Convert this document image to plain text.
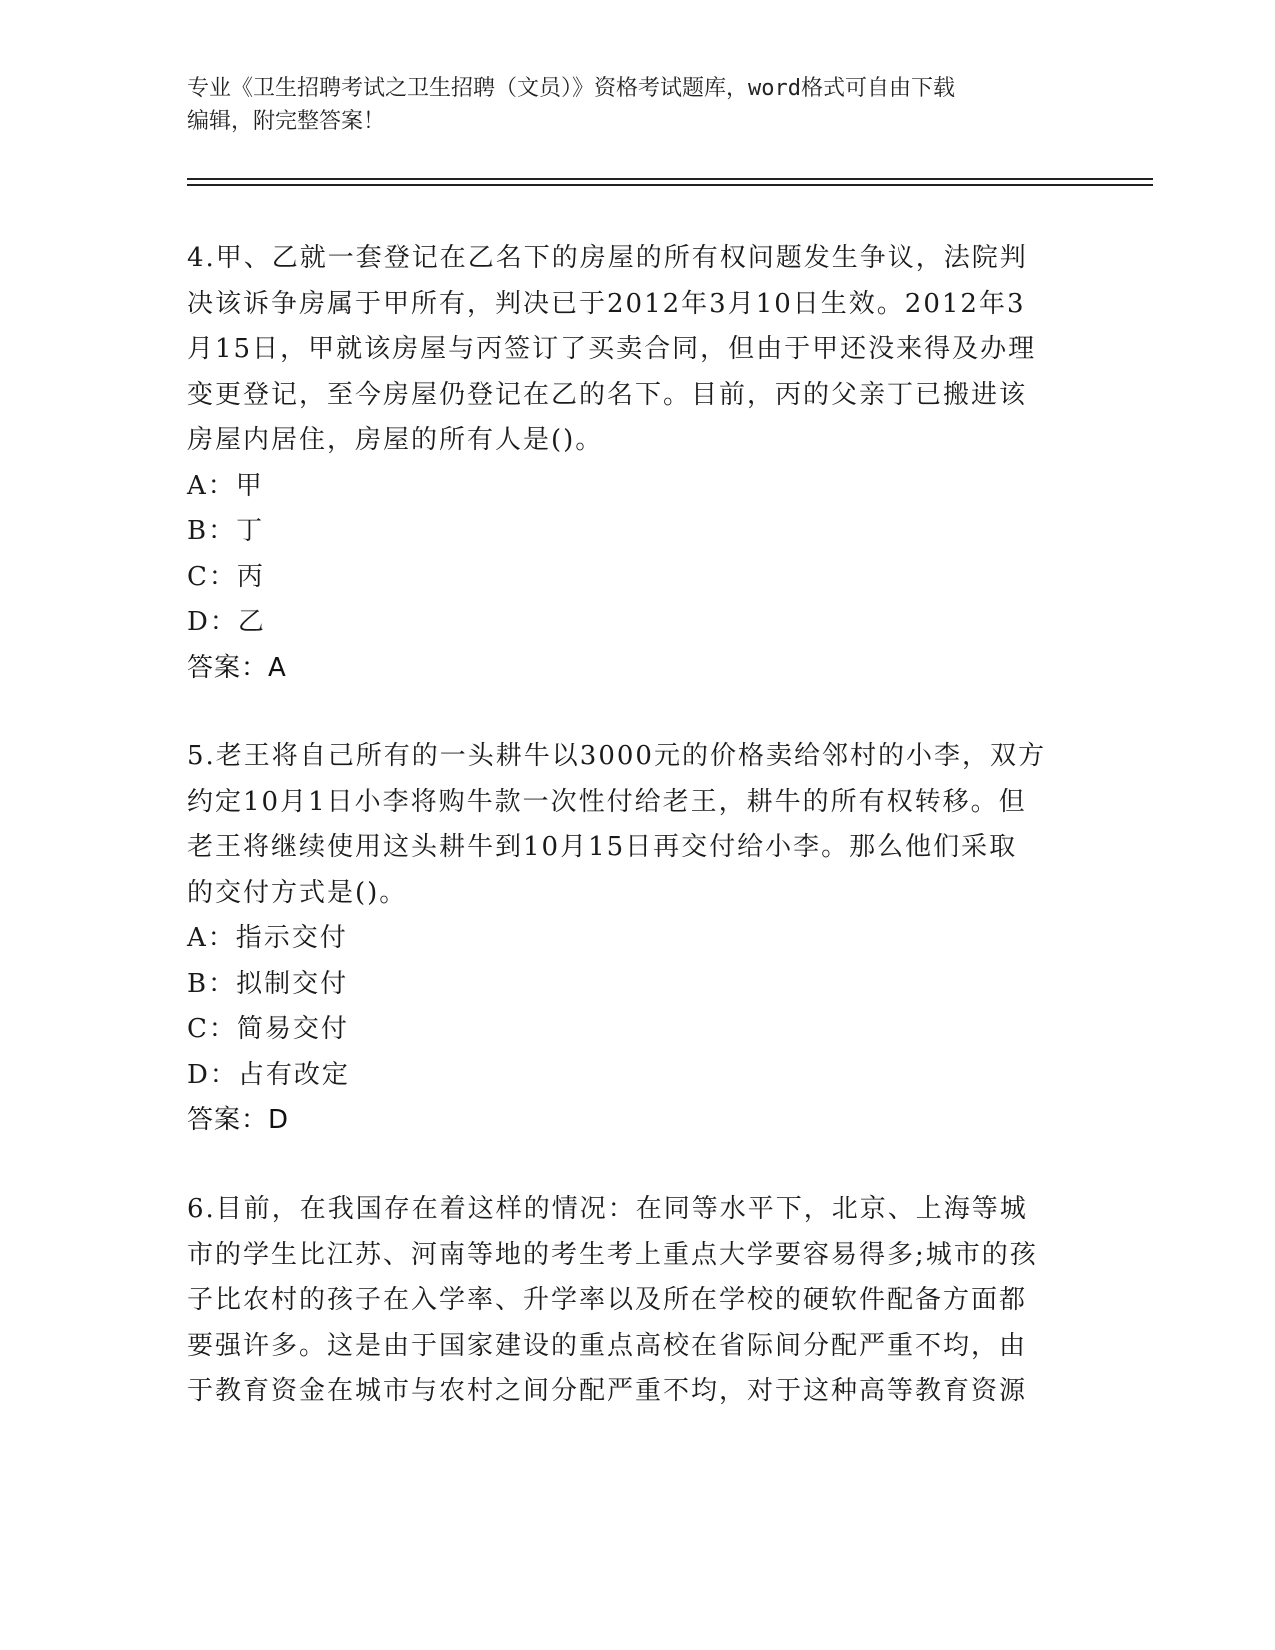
专业《卫生招聘考试之卫生招聘（文员）》资格考试题库，word格式可自由下载
编辑，附完整答案！

4.甲、乙就一套登记在乙名下的房屋的所有权问题发生争议，法院判

决该诉争房属于甲所有，判决已于2012年3月10日生效。2012年3

月15日，甲就该房屋与丙签订了买卖合同，但由于甲还没来得及办理

变更登记，至今房屋仍登记在乙的名下。目前，丙的父亲丁已搬进该

房屋内居住，房屋的所有人是()。

A：甲

B：丁

C：丙

D：乙

答案：A

5.老王将自己所有的一头耕牛以3000元的价格卖给邻村的小李，双方

约定10月1日小李将购牛款一次性付给老王，耕牛的所有权转移。但

老王将继续使用这头耕牛到10月15日再交付给小李。那么他们采取

的交付方式是()。

A：指示交付

B：拟制交付

C：简易交付

D：占有改定

答案：D

6.目前，在我国存在着这样的情况：在同等水平下，北京、上海等城

市的学生比江苏、河南等地的考生考上重点大学要容易得多;城市的孩

子比农村的孩子在入学率、升学率以及所在学校的硬软件配备方面都

要强许多。这是由于国家建设的重点高校在省际间分配严重不均，由

于教育资金在城市与农村之间分配严重不均，对于这种高等教育资源
